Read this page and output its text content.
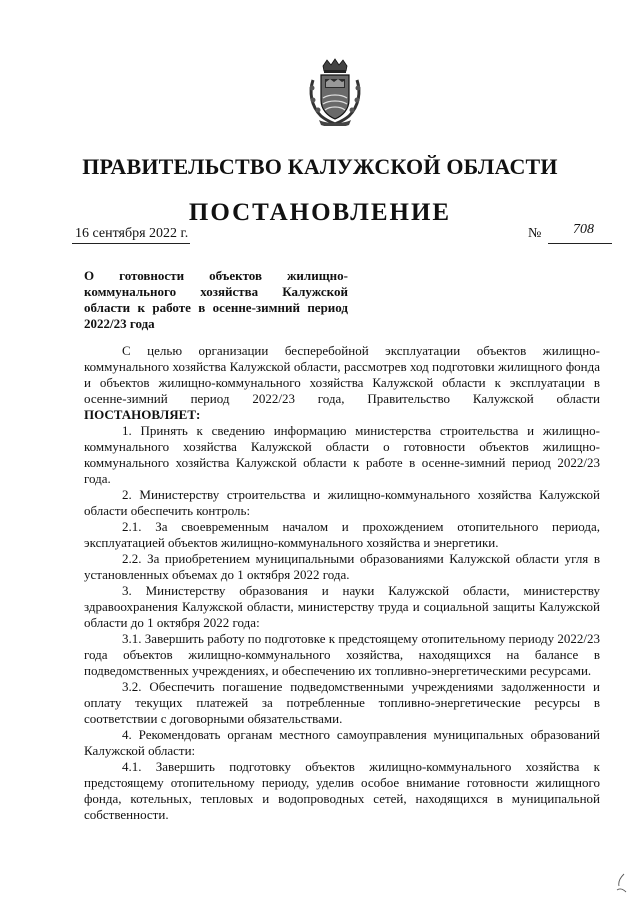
ПРАВИТЕЛЬСТВО КАЛУЖСКОЙ ОБЛАСТИ
ПОСТАНОВЛЕНИЕ
16 сентября 2022 г.	№ 708
О готовности объектов жилищно-коммунального хозяйства Калужской области к работе в осенне-зимний период 2022/23 года

С целью организации бесперебойной эксплуатации объектов жилищно-коммунального хозяйства Калужской области, рассмотрев ход подготовки жилищного фонда и объектов жилищно-коммунального хозяйства Калужской области к эксплуатации в осенне-зимний период 2022/23 года, Правительство Калужской области ПОСТАНОВЛЯЕТ:

1. Принять к сведению информацию министерства строительства и жилищно-коммунального хозяйства Калужской области о готовности объектов жилищно-коммунального хозяйства Калужской области к работе в осенне-зимний период 2022/23 года.

2. Министерству строительства и жилищно-коммунального хозяйства Калужской области обеспечить контроль:

2.1. За своевременным началом и прохождением отопительного периода, эксплуатацией объектов жилищно-коммунального хозяйства и энергетики.

2.2. За приобретением муниципальными образованиями Калужской области угля в установленных объемах до 1 октября 2022 года.

3. Министерству образования и науки Калужской области, министерству здравоохранения Калужской области, министерству труда и социальной защиты Калужской области до 1 октября 2022 года:

3.1. Завершить работу по подготовке к предстоящему отопительному периоду 2022/23 года объектов жилищно-коммунального хозяйства, находящихся на балансе в подведомственных учреждениях, и обеспечению их топливно-энергетическими ресурсами.

3.2. Обеспечить погашение подведомственными учреждениями задолженности и оплату текущих платежей за потребленные топливно-энергетические ресурсы в соответствии с договорными обязательствами.

4. Рекомендовать органам местного самоуправления муниципальных образований Калужской области:

4.1. Завершить подготовку объектов жилищно-коммунального хозяйства к предстоящему отопительному периоду, уделив особое внимание готовности жилищного фонда, котельных, тепловых и водопроводных сетей, находящихся в муниципальной собственности.
